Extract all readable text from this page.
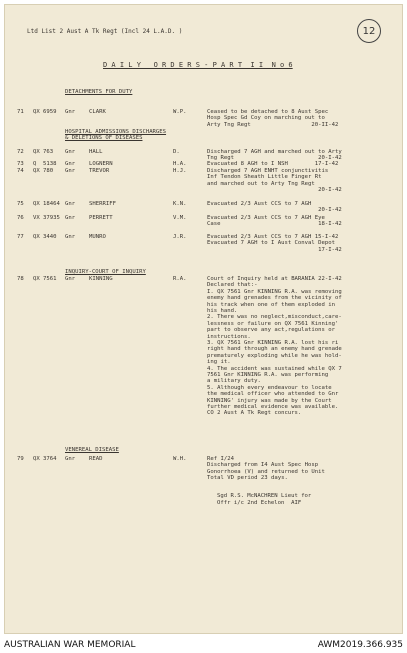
Ltd List 2 Aust A Tk Regt (Incl 24 L.A.D. )	12
D A I L Y   O R D E R S - P A R T  I I  N o 6
DETACHMENTS FOR DUTY
71 QX 6959 Gnr CLARK	W.P.	Ceased to be detached to 8 Aust Spec
Hosp Spec Gd Coy on marching out to
Arty Tng Regt                  20-II-42
HOSPITAL ADMISSIONS DISCHARGES
& DELETIONS OF DISEASES
72 QX 763 Gnr HALL	D.	Discharged 7 AGH and marched out to Arty
Tng Regt                         20-I-42
73 Q 5138 Gnr LOGNERN	H.A.	Evacuated 8 AGH to I NSH        17-I-42
74 QX 780 Gnr TREVOR	H.J.	Discharged 7 AGH ENHT conjunctivitis
Inf Tendon Sheath Little Finger Rt
and marched out to Arty Tng Regt
20-I-42
75 QX 18464 Gnr SHERRIFF	K.N.	Evacuated 2/3 Aust CCS to 7 AGH
20-I-42
76 VX 37935 Gnr PERRETT	V.M.	Evacuated 2/3 Aust CCS to 7 AGH Eye
Case                             18-I-42
77 QX 3440 Gnr MUNRO	J.R.	Evacuated 2/3 Aust CCS to 7 AGH 15-I-42
Evacuated 7 AGH to I Aust Conval Depot
17-I-42
INQUIRY-COURT OF INQUIRY
78 QX 7561 Gnr KINNING	R.A.	Court of Inquiry held at BARANIA 22-I-42
Declared that:-
I. QX 7561 Gnr KINNING R.A. was removing
enemy hand grenades from the vicinity of
his track when one of them exploded in
his hand.
2. There was no neglect,misconduct,care-
lessness or failure on QX 7561 Kinning'
part to observe any act,regulations or
instructions.
3. QX 7561 Gnr KINNING R.A. lost his ri
right hand through an enemy hand grenade
prematurely exploding while he was hold-
ing it.
4. The accident was sustained while QX 7
7561 Gnr KINNING R.A. was performing
a military duty.
5. Although every endeavour to locate
the medical officer who attended to Gnr
KINNING' injury was made by the Court
further medical evidence was available.
CO 2 Aust A Tk Regt concurs.
VENEREAL DISEASE
79 QX 3764 Gnr READ	W.H.	Ref I/24
Discharged from I4 Aust Spec Hosp
Gonorrhoea (V) and returned to Unit
Total VD period 23 days.
Sgd R.S. McNACHREN Lieut for
Offr i/c 2nd Echelon  AIF
AUSTRALIAN WAR MEMORIAL	AWM2019.366.935
